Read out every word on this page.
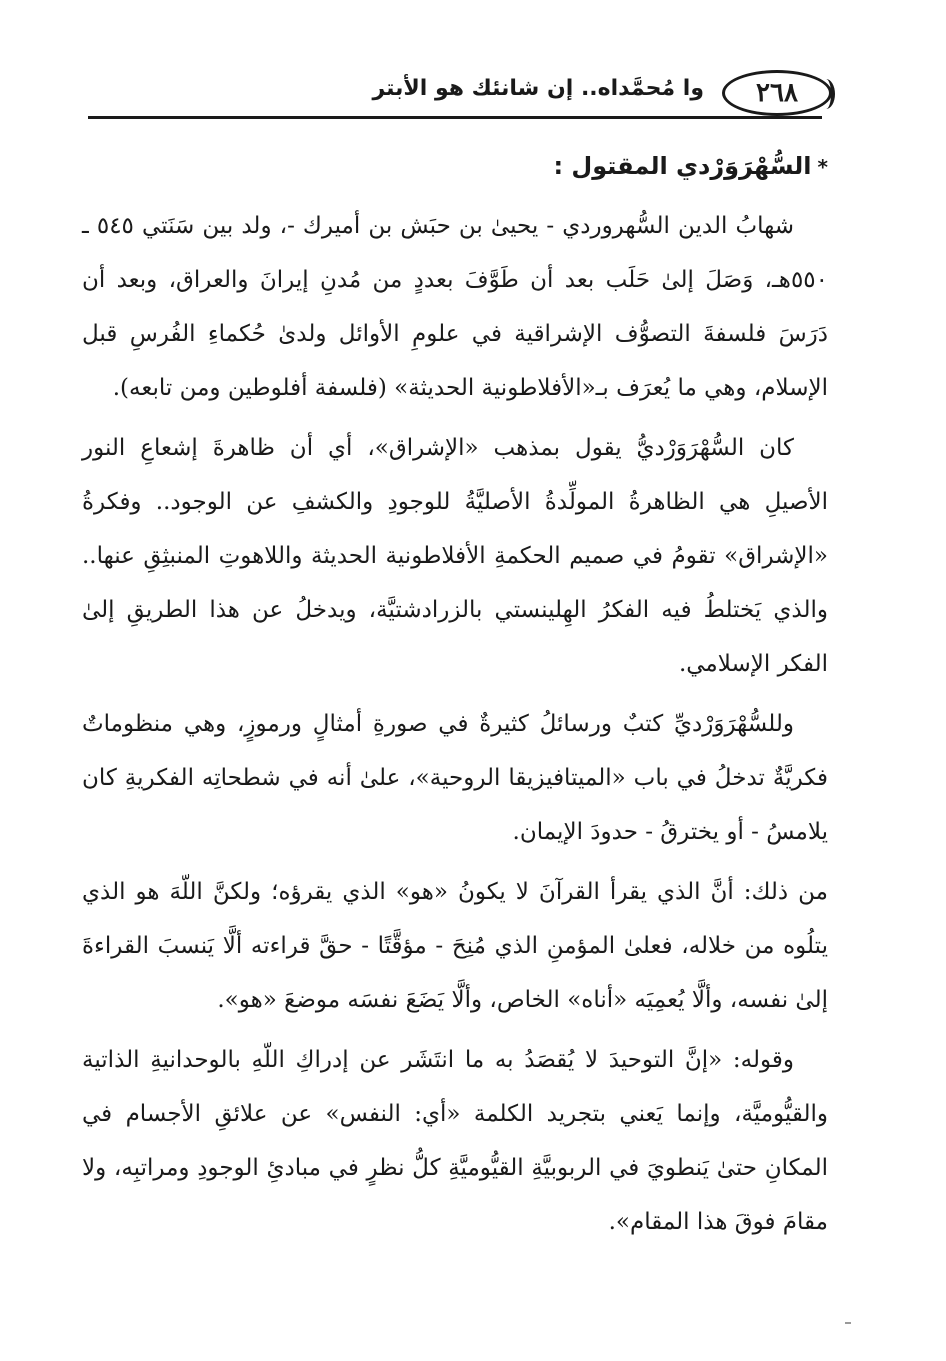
٢٦٨
وا مُحمَّداه.. إن شانئك هو الأبتر
*السُّهْرَوَرْدي المقتول :

شهابُ الدين السُّهروردي - يحيىٰ بن حبَش بن أميرك -، ولد بين سَنَتي ٥٤٥ ـ ٥٥٠هـ، وَصَلَ إلىٰ حَلَب بعد أن طَوَّفَ بعددٍ من مُدنِ إيرانَ والعراق، وبعد أن دَرَسَ فلسفةَ التصوُّف الإشراقية في علومِ الأوائل ولدىٰ حُكماءِ الفُرسِ قبل الإسلام، وهي ما يُعرَف بـ«الأفلاطونية الحديثة» (فلسفة أفلوطين ومن تابعه).

كان السُّهْرَوَرْديُّ يقول بمذهب «الإشراق»، أي أن ظاهرةَ إشعاعِ النور الأصيلِ هي الظاهرةُ المولِّدةُ الأصليَّةُ للوجودِ والكشفِ عن الوجود.. وفكرةُ «الإشراق» تقومُ في صميم الحكمةِ الأفلاطونية الحديثة واللاهوتِ المنبثِقِ عنها.. والذي يَختلطُ فيه الفكرُ الهِلينستي بالزرادشتيَّة، ويدخلُ عن هذا الطريقِ إلىٰ الفكر الإسلامي.

وللسُّهْرَوَرْديِّ كتبٌ ورسائلُ كثيرةٌ في صورةِ أمثالٍ ورموزٍ، وهي منظوماتٌ فكريَّةٌ تدخلُ في باب «الميتافيزيقا الروحية»، علىٰ أنه في شطحاتِه الفكريةِ كان يلامسُ - أو يخترقُ - حدودَ الإيمان.

من ذلك: أنَّ الذي يقرأ القرآنَ لا يكونُ «هو» الذي يقرؤه؛ ولكنَّ اللّهَ هو الذي يتلُوه من خلاله، فعلىٰ المؤمنِ الذي مُنِحَ - مؤقَّتًا - حقَّ قراءته ألَّا يَنسبَ القراءةَ إلىٰ نفسه، وألَّا يُعمِيَه «أناه» الخاص، وألَّا يَضَعَ نفسَه موضعَ «هو».

وقوله: «إنَّ التوحيدَ لا يُقصَدُ به ما انتَشَر عن إدراكِ اللّهِ بالوحدانيةِ الذاتية والقيُّوميَّة، وإنما يَعني بتجريد الكلمة «أي: النفس» عن علائقِ الأجسام في المكانِ حتىٰ يَنطويَ في الربوبيَّةِ القيُّوميَّةِ كلُّ نظرٍ في مبادئِ الوجودِ ومراتبِه، ولا مقامَ فوقَ هذا المقام».
